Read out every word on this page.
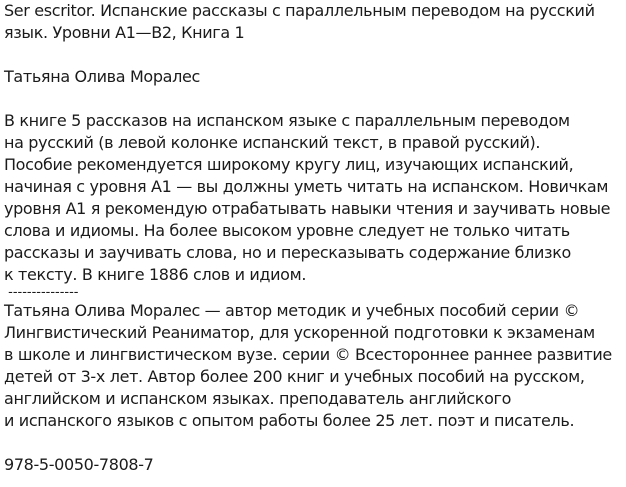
Ser escritor. Испанские рассказы с параллельным переводом на русский
язык. Уровни А1—В2, Книга 1
Татьяна Олива Моралес
В книге 5 рассказов на испанском языке с параллельным переводом
на русский (в левой колонке испанский текст, в правой русский).
Пособие рекомендуется широкому кругу лиц, изучающих испанский,
начиная с уровня А1 — вы должны уметь читать на испанском. Новичкам
уровня А1 я рекомендую отрабатывать навыки чтения и заучивать новые
слова и идиомы. На более высоком уровне следует не только читать
рассказы и заучивать слова, но и пересказывать содержание близко
к тексту. В книге 1886 слов и идиом.
---------------
Татьяна Олива Моралес — автор методик и учебных пособий серии ©
Лингвистический Реаниматор, для ускоренной подготовки к экзаменам
в школе и лингвистическом вузе. серии © Всестороннее раннее развитие
детей от 3-х лет. Автор более 200 книг и учебных пособий на русском,
английском и испанском языках. преподаватель английского
и испанского языков с опытом работы более 25 лет. поэт и писатель.
978-5-0050-7808-7
